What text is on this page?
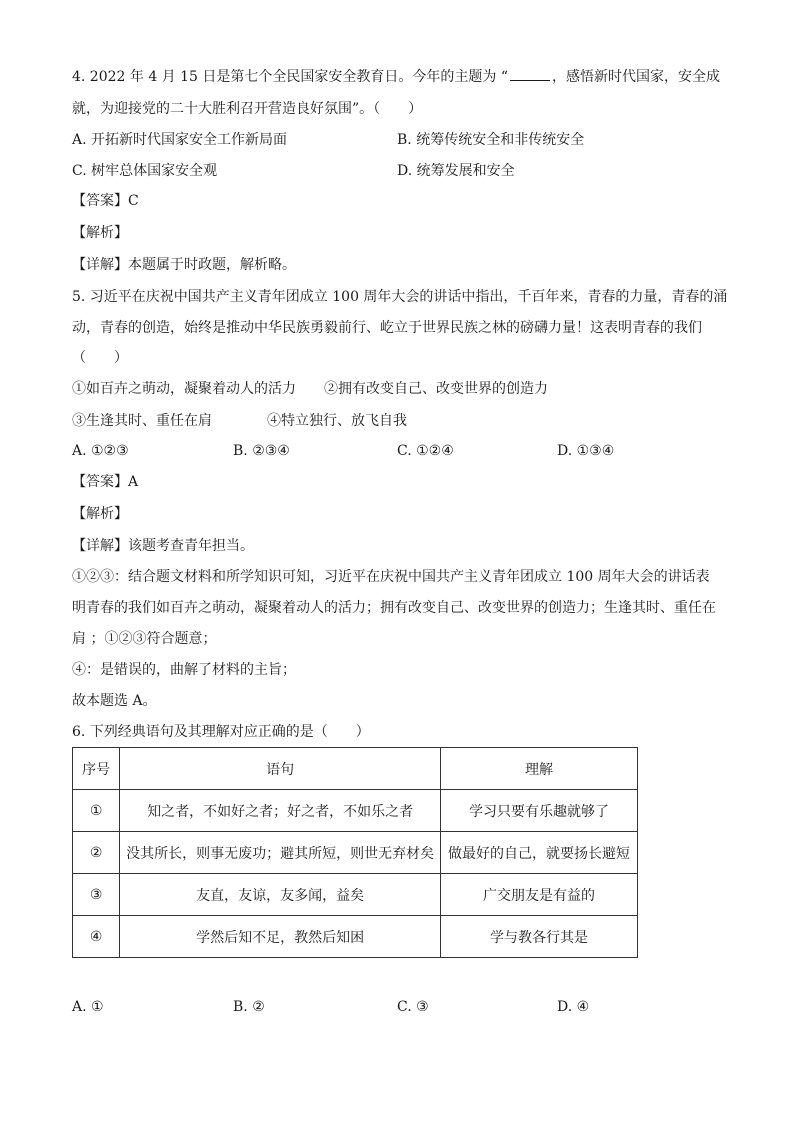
4. 2022 年 4 月 15 日是第七个全民国家安全教育日。今年的主题为 “	，感悟新时代国家，安全成
就，为迎接党的二十大胜利召开营造良好氛围”。（　　）
A. 开拓新时代国家安全工作新局面	B. 统筹传统安全和非传统安全
C. 树牢总体国家安全观	D. 统筹发展和安全
【答案】C
【解析】
【详解】本题属于时政题，解析略。
5. 习近平在庆祝中国共产主义青年团成立 100 周年大会的讲话中指出，千百年来，青春的力量，青春的涌
动，青春的创造，始终是推动中华民族勇毅前行、屹立于世界民族之林的磅礴力量！这表明青春的我们
（　　）
①如百卉之萌动，凝聚着动人的活力 ②拥有改变自己、改变世界的创造力
③生逢其时、重任在肩	④特立独行、放飞自我
A. ①②③	B. ②③④	C. ①②④	D. ①③④
【答案】A
【解析】
【详解】该题考查青年担当。
①②③：结合题文材料和所学知识可知，习近平在庆祝中国共产主义青年团成立 100 周年大会的讲话表
明青春的我们如百卉之萌动，凝聚着动人的活力；拥有改变自己、改变世界的创造力；生逢其时、重任在
肩 ；①②③符合题意；
④：是错误的，曲解了材料的主旨；
故本题选 A。
6. 下列经典语句及其理解对应正确的是（　　）
序号	语句	理解
①	知之者，不如好之者；好之者，不如乐之者	学习只要有乐趣就够了
②	没其所长，则事无废功；避其所短，则世无弃材矣	做最好的自己，就要扬长避短
③	友直，友谅，友多闻，益矣	广交朋友是有益的
④	学然后知不足，教然后知困	学与教各行其是
A. ①	B. ②	C. ③	D. ④
